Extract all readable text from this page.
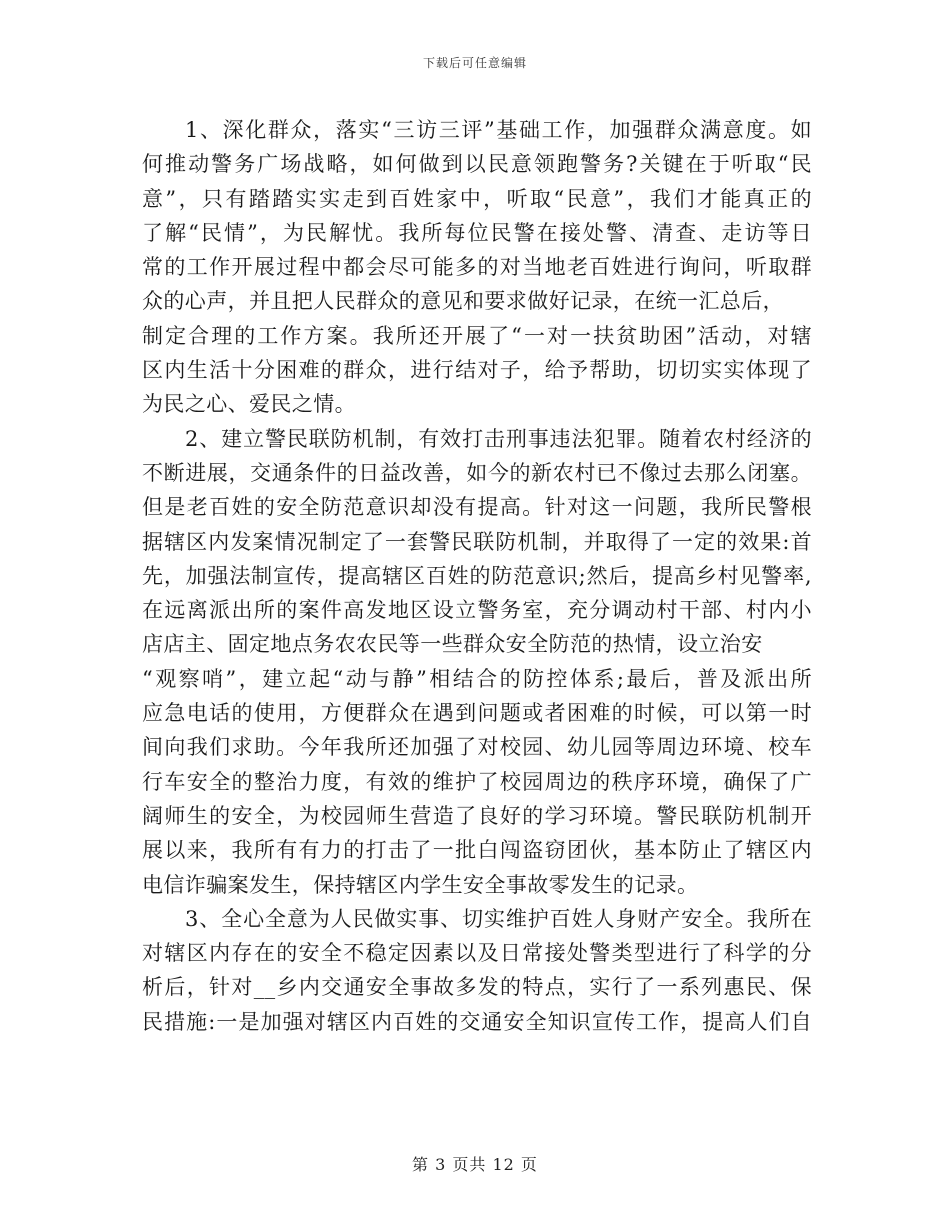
下载后可任意编辑
1、深化群众，落实“三访三评”基础工作，加强群众满意度。如
何推动警务广场战略，如何做到以民意领跑警务?关键在于听取“民
意”，只有踏踏实实走到百姓家中，听取“民意”，我们才能真正的
了解“民情”，为民解忧。我所每位民警在接处警、清查、走访等日
常的工作开展过程中都会尽可能多的对当地老百姓进行询问，听取群
众的心声，并且把人民群众的意见和要求做好记录，在统一汇总后，
制定合理的工作方案。我所还开展了“一对一扶贫助困”活动，对辖
区内生活十分困难的群众，进行结对子，给予帮助，切切实实体现了
为民之心、爱民之情。
2、建立警民联防机制，有效打击刑事违法犯罪。随着农村经济的
不断进展，交通条件的日益改善，如今的新农村已不像过去那么闭塞。
但是老百姓的安全防范意识却没有提高。针对这一问题，我所民警根
据辖区内发案情况制定了一套警民联防机制，并取得了一定的效果:首
先，加强法制宣传，提高辖区百姓的防范意识;然后，提高乡村见警率,
在远离派出所的案件高发地区设立警务室，充分调动村干部、村内小
店店主、固定地点务农农民等一些群众安全防范的热情，设立治安
“观察哨”，建立起“动与静”相结合的防控体系;最后，普及派出所
应急电话的使用，方便群众在遇到问题或者困难的时候，可以第一时
间向我们求助。今年我所还加强了对校园、幼儿园等周边环境、校车
行车安全的整治力度，有效的维护了校园周边的秩序环境，确保了广
阔师生的安全，为校园师生营造了良好的学习环境。警民联防机制开
展以来，我所有有力的打击了一批白闯盗窃团伙，基本防止了辖区内
电信诈骗案发生，保持辖区内学生安全事故零发生的记录。
3、全心全意为人民做实事、切实维护百姓人身财产安全。我所在
对辖区内存在的安全不稳定因素以及日常接处警类型进行了科学的分
析后，针对__乡内交通安全事故多发的特点，实行了一系列惠民、保
民措施:一是加强对辖区内百姓的交通安全知识宣传工作，提高人们自
第 3 页共 12 页
